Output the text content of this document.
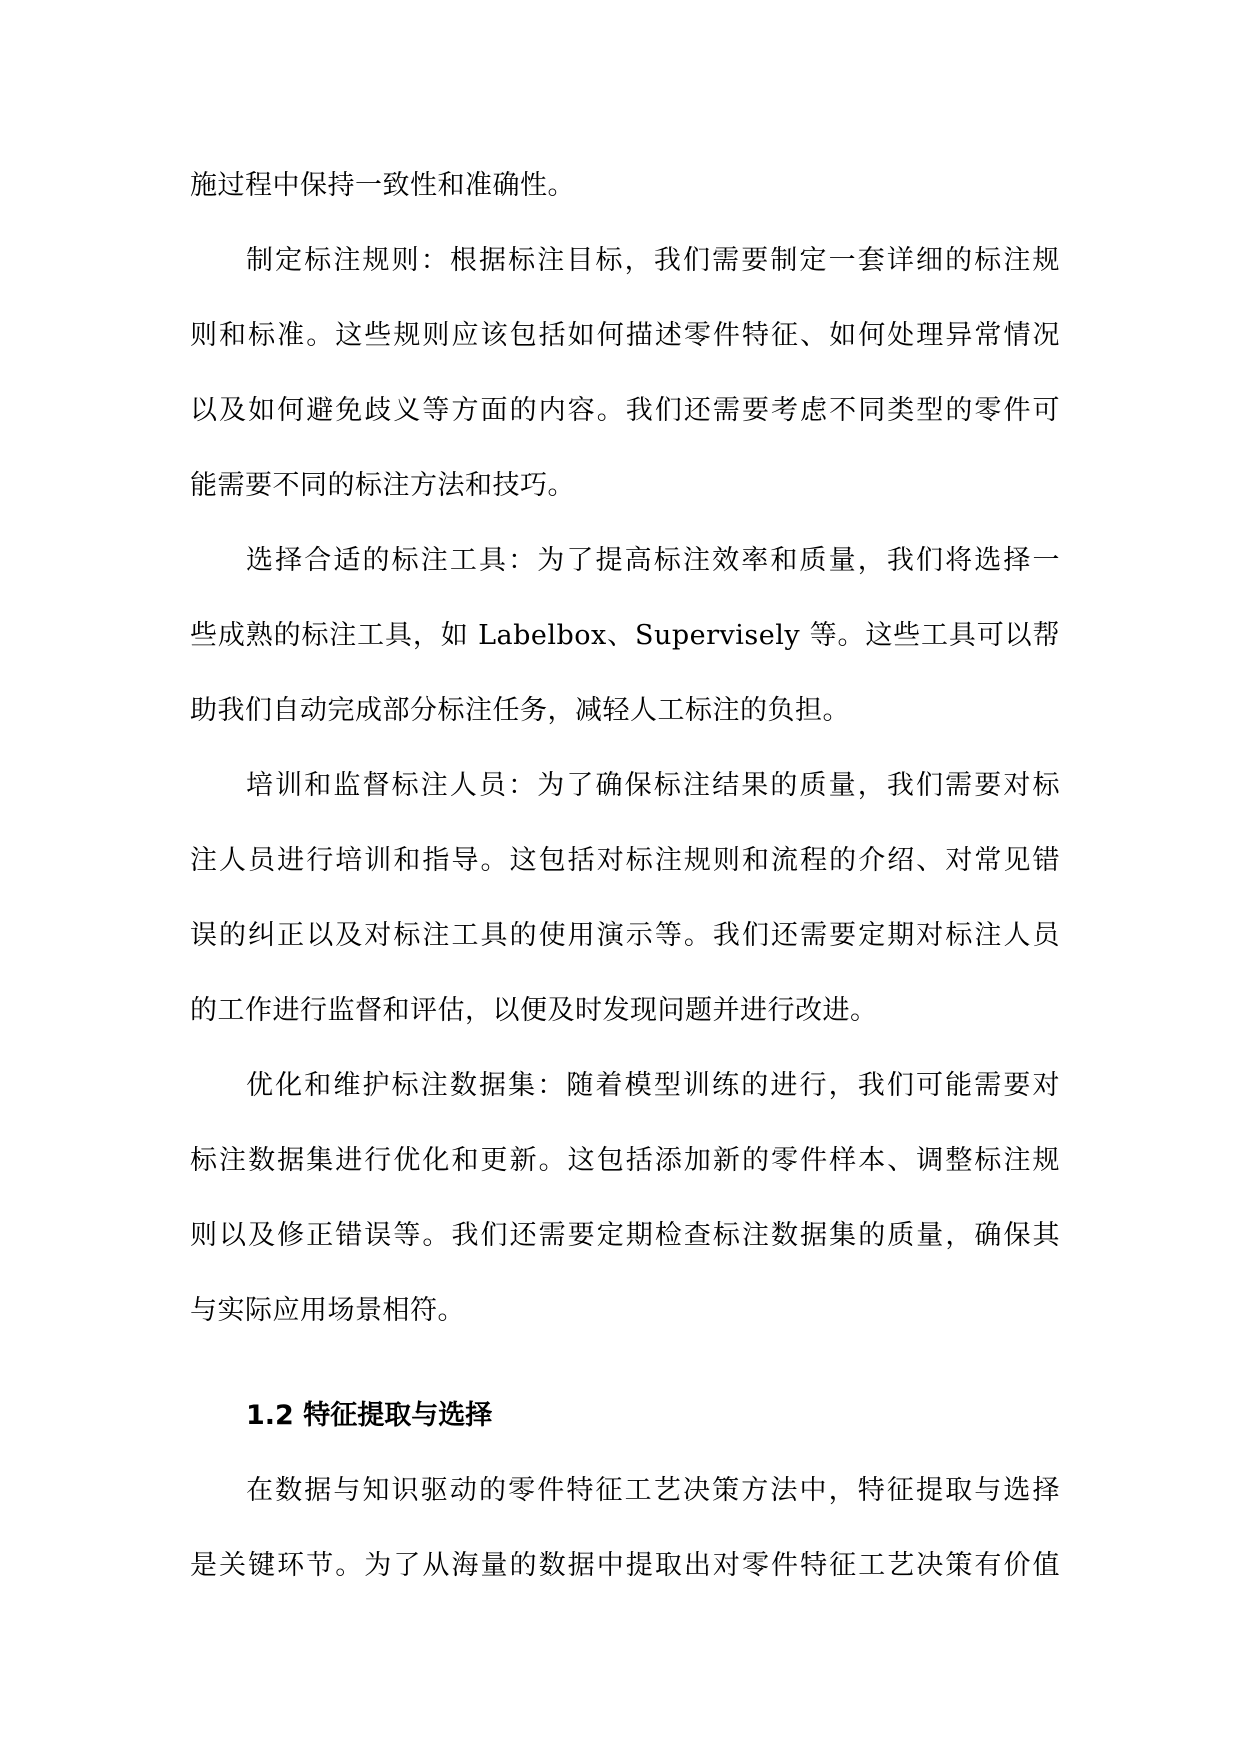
施过程中保持一致性和准确性。
制定标注规则：根据标注目标，我们需要制定一套详细的标注规
则和标准。这些规则应该包括如何描述零件特征、如何处理异常情况
以及如何避免歧义等方面的内容。我们还需要考虑不同类型的零件可
能需要不同的标注方法和技巧。
选择合适的标注工具：为了提高标注效率和质量，我们将选择一
些成熟的标注工具，如 Labelbox、Supervisely 等。这些工具可以帮
助我们自动完成部分标注任务，减轻人工标注的负担。
培训和监督标注人员：为了确保标注结果的质量，我们需要对标
注人员进行培训和指导。这包括对标注规则和流程的介绍、对常见错
误的纠正以及对标注工具的使用演示等。我们还需要定期对标注人员
的工作进行监督和评估，以便及时发现问题并进行改进。
优化和维护标注数据集：随着模型训练的进行，我们可能需要对
标注数据集进行优化和更新。这包括添加新的零件样本、调整标注规
则以及修正错误等。我们还需要定期检查标注数据集的质量，确保其
与实际应用场景相符。
1.2 特征提取与选择
在数据与知识驱动的零件特征工艺决策方法中，特征提取与选择
是关键环节。为了从海量的数据中提取出对零件特征工艺决策有价值
